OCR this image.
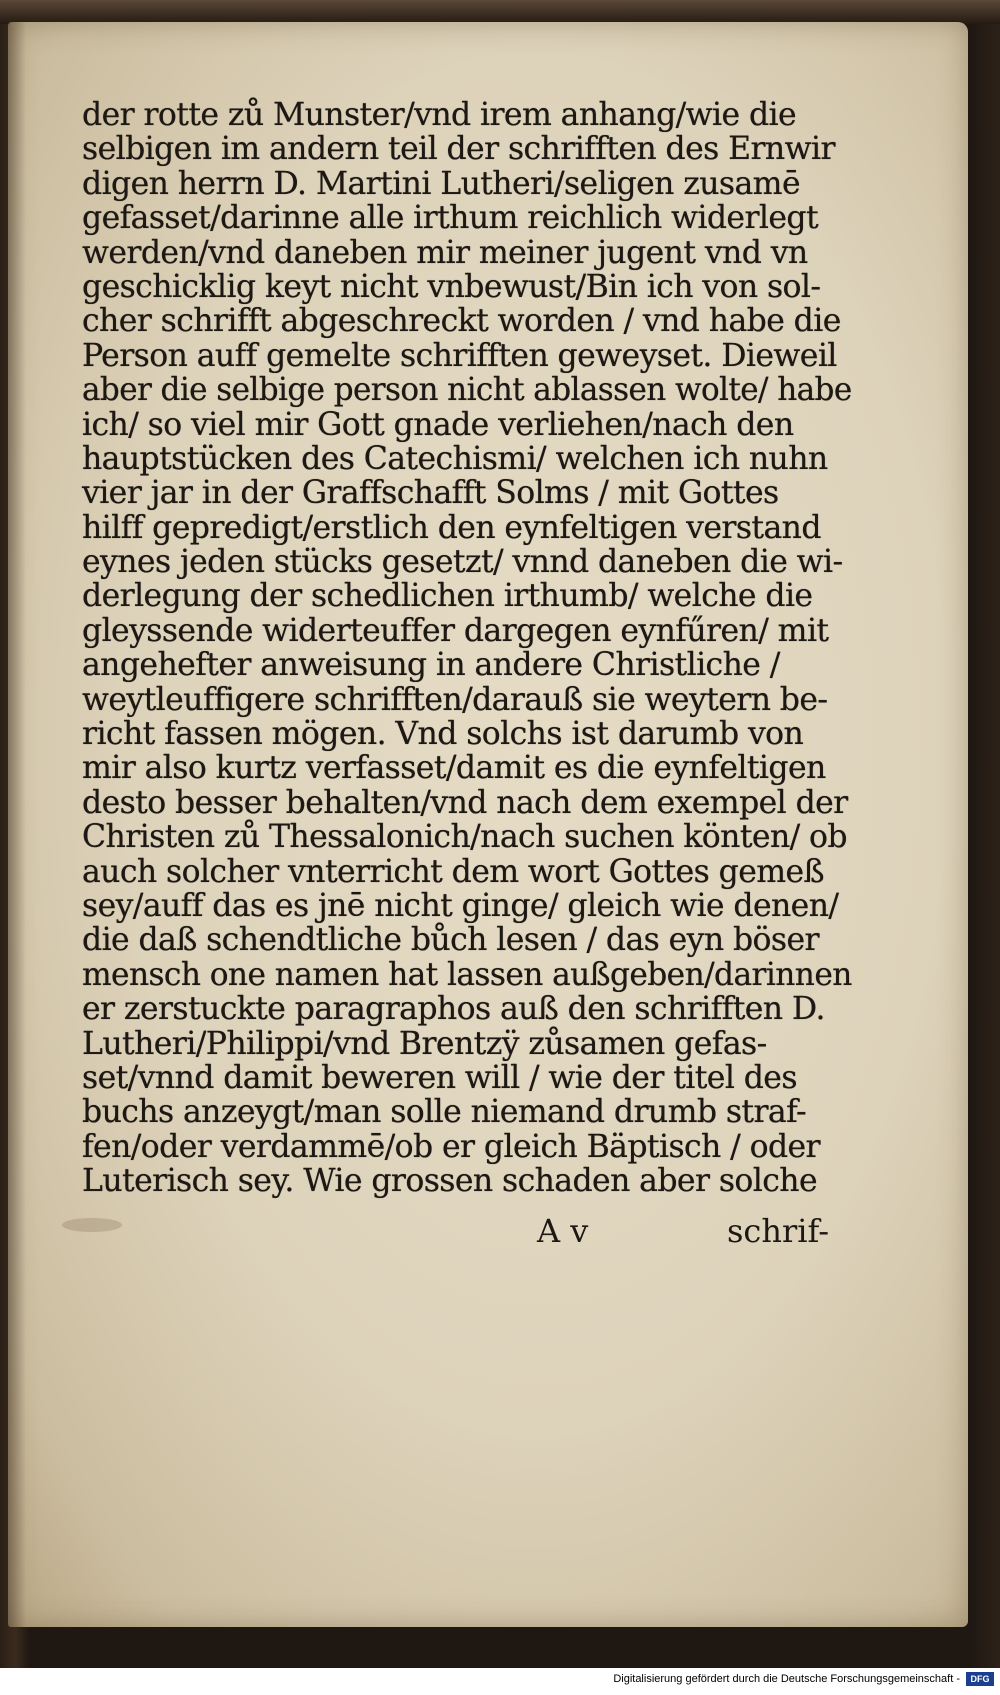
der rotte zů Munster/vnd irem anhang/wie die
selbigen im andern teil der schrifften des Ernwir
digen herrn D. Martini Lutheri/seligen zusamē
gefasset/darinne alle irthum reichlich widerlegt
werden/vnd daneben mir meiner jugent vnd vn
geschicklig keyt nicht vnbewust/Bin ich von sol-
cher schrifft abgeschreckt worden / vnd habe die
Person auff gemelte schrifften geweyset. Dieweil
aber die selbige person nicht ablassen wolte/ habe
ich/ so viel mir Gott gnade verliehen/nach den
hauptstücken des Catechismi/ welchen ich nuhn
vier jar in der Graffschafft Solms / mit Gottes
hilff gepredigt/erstlich den eynfeltigen verstand
eynes jeden stücks gesetzt/ vnnd daneben die wi-
derlegung der schedlichen irthumb/ welche die
gleyssende widerteuffer dargegen eynfűren/ mit
angehefter anweisung in andere Christliche /
weytleuffigere schrifften/darauß sie weytern be-
richt fassen mögen. Vnd solchs ist darumb von
mir also kurtz verfasset/damit es die eynfeltigen
desto besser behalten/vnd nach dem exempel der
Christen zů Thessalonich/nach suchen könten/ ob
auch solcher vnterricht dem wort Gottes gemeß
sey/auff das es jnē nicht ginge/ gleich wie denen/
die daß schendtliche bůch lesen / das eyn böser
mensch one namen hat lassen außgeben/darinnen
er zerstuckte paragraphos auß den schrifften D.
Lutheri/Philippi/vnd Brentzÿ zůsamen gefas-
set/vnnd damit beweren will / wie der titel des
buchs anzeygt/man solle niemand drumb straf-
fen/oder verdammē/ob er gleich Bäptisch / oder
Luterisch sey. Wie grossen schaden aber solche
A v	schrif-
Digitalisierung gefördert durch die Deutsche Forschungsgemeinschaft -	DFG
